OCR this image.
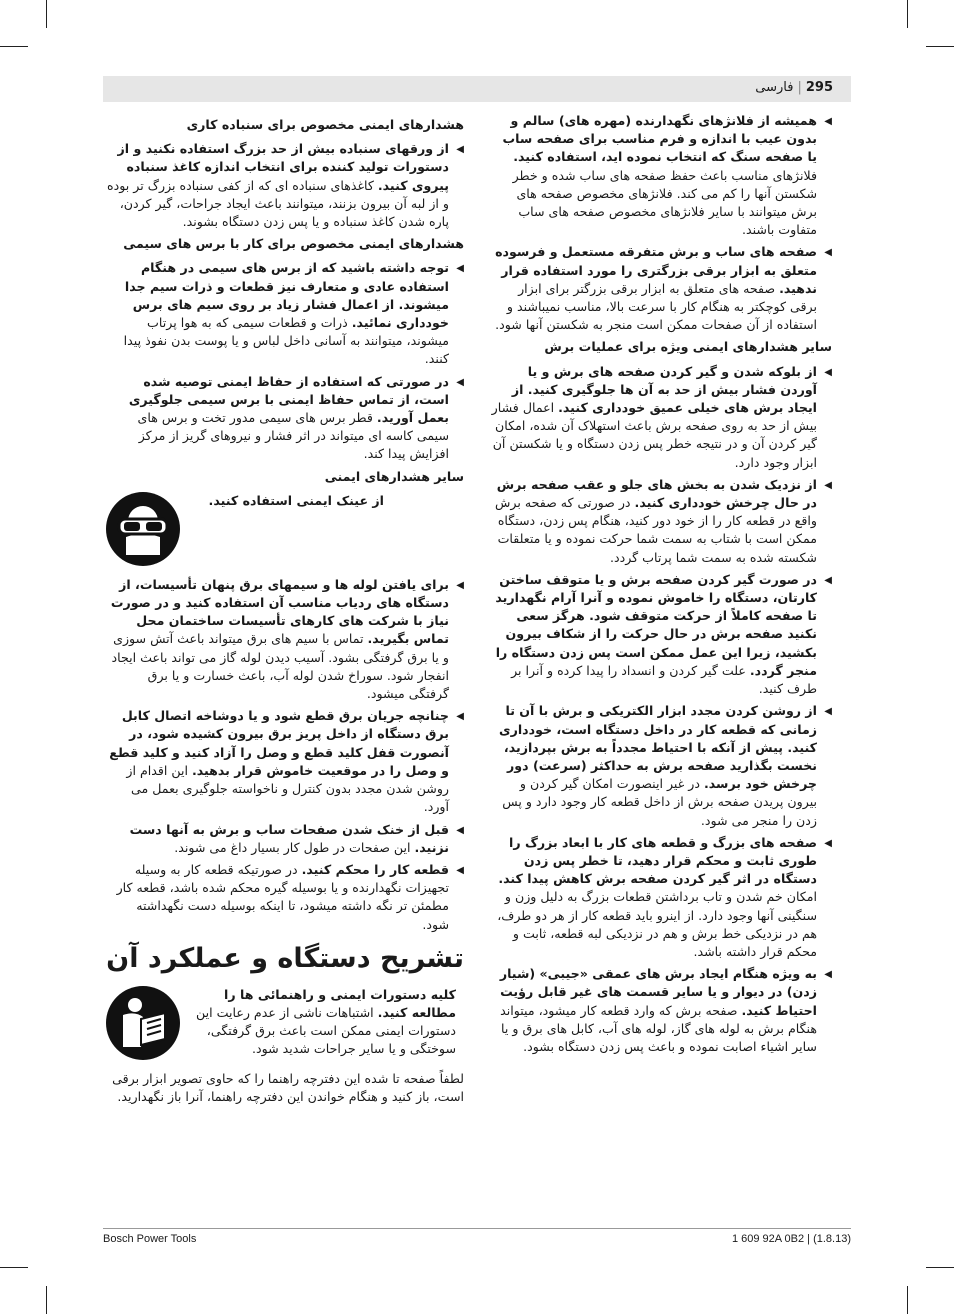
295|فارسی
◀
همیشه از فلانژهای نگهدارنده (مهره های) سالم و بدون عیب با اندازه و فرم مناسب برای صفحه ساب یا صفحه سنگ که انتخاب نموده اید، استفاده کنید. فلانژهای مناسب باعث حفظ صفحه های ساب شده و خطر شکستن آنها را کم می کند. فلانژهای مخصوص صفحه های برش میتوانند با سایر فلانژهای مخصوص صفحه های ساب متفاوت باشند.
◀
صفحه های ساب و برش متفرقه مستعمل و فرسوده متعلق به ابزار برقی بزرگتری را مورد استفاده قرار ندهید. صفحه های متعلق به ابزار برقی بزرگتر برای ابزار برقی کوچکتر به هنگام کار با سرعت بالا، مناسب نمیباشند و استفاده از آن صفحات ممکن است منجر به شکستن آنها شود.
سایر هشدارهای ایمنی ویژه برای عملیات برش
◀
از بلوکه شدن و گیر کردن صفحه های برش و یا آوردن فشار بیش از حد به آن ها جلوگیری کنید. از ایجاد برش های خیلی عمیق خودداری کنید. اعمال فشار بیش از حد به روی صفحه برش باعث استهلاک آن شده، امکان گیر کردن آن و در نتیجه خطر پس زدن دستگاه و یا شکستن آن ابزار وجود دارد.
◀
از نزدیک شدن به بخش های جلو و عقب صفحه برش در حال چرخش خودداری کنید. در صورتی که صفحه برش واقع در قطعه کار را از خود دور کنید، هنگام پس زدن، دستگاه ممکن است با شتاب به سمت شما حرکت نموده و یا متعلقات شکسته شده به سمت شما پرتاب گردد.
◀
در صورت گیر کردن صفحه برش و یا متوقف ساختن کارتان، دستگاه را خاموش نموده و آنرا آرام نگهدارید تا صفحه کاملاً از حرکت متوقف شود. هرگز سعی نکنید صفحه برش در حال حرکت را از شکاف بیرون بکشید، زیرا این عمل ممکن است پس زدن دستگاه را منجر گردد. علت گیر کردن و انسداد را پیدا کرده و آنرا بر طرف کنید.
◀
از روشن کردن مجدد ابزار الکتریکی و برش با آن تا زمانی که قطعه کار در داخل دستگاه است، خودداری کنید. پیش از آنکه با احتیاط مجدداً به برش بپردازید، نخست بگذارید صفحه برش به حداکثر (سرعت) دور چرخش خود برسد. در غیر اینصورت امکان گیر کردن و بیرون پریدن صفحه برش از داخل قطعه کار وجود دارد و پس زدن را منجر می شود.
◀
صفحه های بزرگ و قطعه های کار با ابعاد بزرگ را طوری ثابت و محکم قرار دهید، تا خطر پس زدن دستگاه در اثر گیر کردن صفحه برش کاهش پیدا کند. امکان خم شدن و تاب برداشتن قطعات بزرگ به دلیل وزن و سنگینی آنها وجود دارد. از اینرو باید قطعه کار از هر دو طرف، هم در نزدیکی خط برش و هم در نزدیکی لبه قطعه، ثابت و محکم قرار داشته باشد.
◀
به ویژه هنگام ایجاد برش های عمقی «جیبی» (شیار زدن) در دیوار و یا سایر قسمت های غیر قابل رؤیت احتیاط کنید. صفحه برش که وارد قطعه کار میشود، میتواند هنگام برش به لوله های گاز، لوله های آب، کابل های برق و یا سایر اشیاء اصابت نموده و باعث پس زدن دستگاه بشود.
هشدارهای ایمنی مخصوص برای سنباده کاری
◀
از ورقهای سنباده بیش از حد بزرگ استفاده نکنید و از دستورات تولید کننده برای انتخاب اندازه کاغذ سنباده پیروی کنید. کاغذهای سنباده ای که از کفی سنباده بزرگ تر بوده و از لبه آن بیرون بزنند، میتوانند باعث ایجاد جراحات، گیر کردن، پاره شدن کاغذ سنباده و یا پس زدن دستگاه بشوند.
هشدارهای ایمنی مخصوص برای کار با برس های سیمی
◀
توجه داشته باشید که از برس های سیمی در هنگام استفاده عادی و متعارف نیز قطعات و ذرات سیم جدا میشوند. از اعمال فشار زیاد بر روی سیم های برس خودداری نمائید. ذرات و قطعات سیمی که به هوا پرتاب میشوند، میتوانند به آسانی داخل لباس و یا پوست بدن نفوذ پیدا کنند.
◀
در صورتی که استفاده از حفاظ ایمنی توصیه شده است، از تماس حفاظ ایمنی با برس سیمی جلوگیری بعمل آورید. قطر برس های سیمی مدور تخت و برس های سیمی کاسه ای میتواند در اثر فشار و نیروهای گریز از مرکز افزایش پیدا کند.
سایر هشدارهای ایمنی
از عینک ایمنی استفاده کنید.
◀
برای یافتن لوله ها و سیمهای برق پنهان تأسیسات، از دستگاه های ردیاب مناسب آن استفاده کنید و در صورت نیاز با شرکت های کارهای تأسیسات ساختمان محل تماس بگیرید. تماس با سیم های برق میتواند باعث آتش سوزی و یا برق گرفتگی بشود. آسیب دیدن لوله گاز می تواند باعث ایجاد انفجار شود. سوراخ شدن لوله آب، باعث خسارت و یا برق گرفتگی میشود.
◀
چنانچه جریان برق قطع شود و یا دوشاخه اتصال کابل برق دستگاه از داخل پریز برق بیرون کشیده شود، در آنصورت قفل کلید قطع و وصل را آزاد کنید و کلید قطع و وصل را در موقعیت خاموش قرار بدهید. این اقدام از روشن شدن مجدد بدون کنترل و ناخواسته جلوگیری بعمل می آورد.
◀
قبل از خنک شدن صفحات ساب و برش به آنها دست نزنید. این صفحات در طول کار بسیار داغ می شوند.
◀
قطعه کار را محکم کنید. در صورتیکه قطعه کار به وسیله تجهیزات نگهدارنده و یا بوسیله گیره محکم شده باشد، قطعه کار مطمئن تر نگه داشته میشود، تا اینکه بوسیله دست نگهداشته شود.
تشریح دستگاه و عملکرد آن
کلیه دستورات ایمنی و راهنمائی ها را مطالعه کنید. اشتباهات ناشی از عدم رعایت این دستورات ایمنی ممکن است باعث برق گرفتگی، سوختگی و یا سایر جراحات شدید شود.
لطفاً صفحه تا شده این دفترچه راهنما را که حاوی تصویر ابزار برقی است، باز کنید و هنگام خواندن این دفترچه راهنما، آنرا باز نگهدارید.
Bosch Power Tools	1 609 92A 0B2 | (1.8.13)
